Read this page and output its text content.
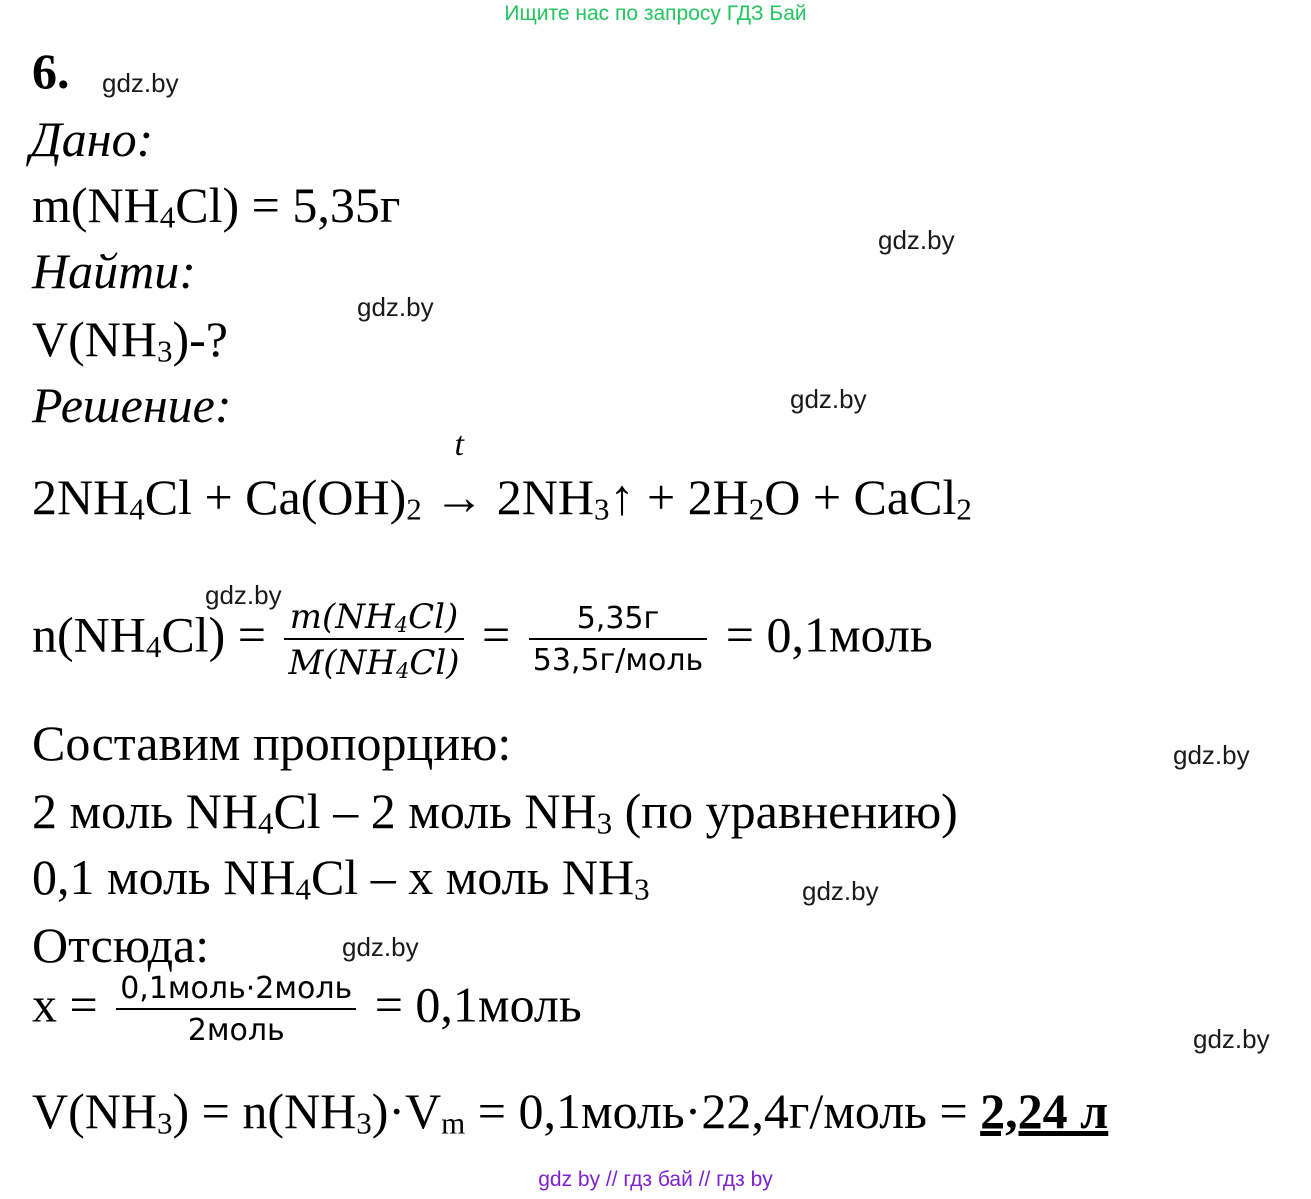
Ищите нас по запросу ГДЗ Бай
6. gdz.by
gdz.by
gdz.by
gdz.by
gdz.by
gdz.by
gdz.by
gdz.by
gdz.by
Дано:
$m(NH_4Cl) = 5,35г$
Найти:
$V(NH_3)-$?
Решение:
$2NH_4Cl + Ca(OH)_2$
t
→ $2NH_3↑ + 2H_2O$ + CaCl$_2$
$n(NH_4Cl) = \frac{m(NH_4Cl)}{M(NH_4Cl)} = \frac{5,35г}{\text{53,5г/моль}}$ = 0,1моль
Составим пропорцию:
2 моль $NH_4Cl - 2$ моль $NH_3$ (по уравнению)
0,1 моль $NH_4Cl$ – x моль $NH_3$
Отсюда:
$x = \frac{\text{0,1моль·2моль}}{\text{2моль}}$ = 0,1моль
$V(NH_3) = n(NH_3)\cdot V_m$ = 0,1моль·22,4г/моль = 2,24 л
gdz by // гдз бай // гдз by
